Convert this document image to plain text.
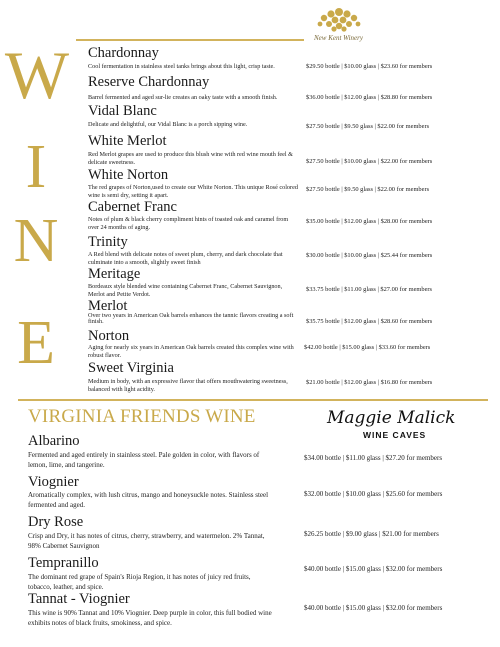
New Kent Winery
W
I
N
E
Chardonnay
Cool fermentation in stainless steel tanks brings about this light, crisp taste.	$29.50 bottle | $10.00 glass | $23.60 for members
Reserve Chardonnay
Barrel fermented and aged sur-lie creates an oaky taste with a smooth finish.	$36.00 bottle | $12.00 glass | $28.80 for members
Vidal Blanc
Delicate and delightful, our Vidal Blanc is a porch sipping wine.	$27.50 bottle | $9.50 glass | $22.00 for members
White Merlot
Red Merlot grapes are used to produce this blush wine with red wine mouth feel & delicate sweetness.	$27.50 bottle | $10.00 glass | $22.00 for members
White Norton
The red grapes of Norton,used to create our White Norton. This unique Rosé colored wine is semi dry, setting it apart.
$27.50 bottle | $9.50 glass | $22.00 for members
Cabernet Franc
Notes of plum & black cherry compliment hints of toasted oak and caramel from over 24 months of aging.
$35.00 bottle | $12.00 glass | $28.00 for members
Trinity
A Red blend with delicate notes of sweet plum, cherry, and dark chocolate that culminate into a smooth, slightly sweet finish
$30.00 bottle | $10.00 glass | $25.44 for members
Meritage
Bordeaux style blended wine containing Cabernet Franc, Cabernet Sauvignon, Merlot and Petite Verdot.
$33.75 bottle | $11.00 glass | $27.00 for members
Merlot
Over two years in American Oak barrels enhances the tannic flavors creating a soft finish.	$35.75 bottle | $12.00 glass | $28.60 for members
Norton
Aging for nearly six years in American Oak barrels created this complex wine with robust flavor.
$42.00 bottle | $15.00 glass | $33.60 for members
Sweet Virginia
Medium in body, with an expressive flavor that offers mouthwatering sweetness, balanced with light acidity.
$21.00 bottle | $12.00 glass | $16.80 for members
VIRGINIA FRIENDS WINE	Maggie Malick
WINE CAVES
Albarino
Fermented and aged entirely in stainless steel. Pale golden in color, with flavors of lemon, lime, and tangerine.
$34.00 bottle | $11.00 glass | $27.20 for members
Viognier
Aromatically complex, with lush citrus, mango and honeysuckle notes. Stainless steel fermented and aged.
$32.00 bottle | $10.00 glass | $25.60 for members
Dry Rose
Crisp and Dry, it has notes of citrus, cherry, strawberry, and watermelon. 2% Tannat, 98% Cabernet Sauvignon
$26.25 bottle | $9.00 glass | $21.00 for members
Tempranillo
The dominant red grape of Spain's Rioja Region, it has notes of juicy red fruits, tobacco, leather, and spice.
$40.00 bottle | $15.00 glass | $32.00 for members
Tannat - Viognier
This wine is 90% Tannat and 10% Viognier. Deep purple in color, this full bodied wine exhibits notes of black fruits, smokiness, and spice.
$40.00 bottle | $15.00 glass | $32.00 for members
